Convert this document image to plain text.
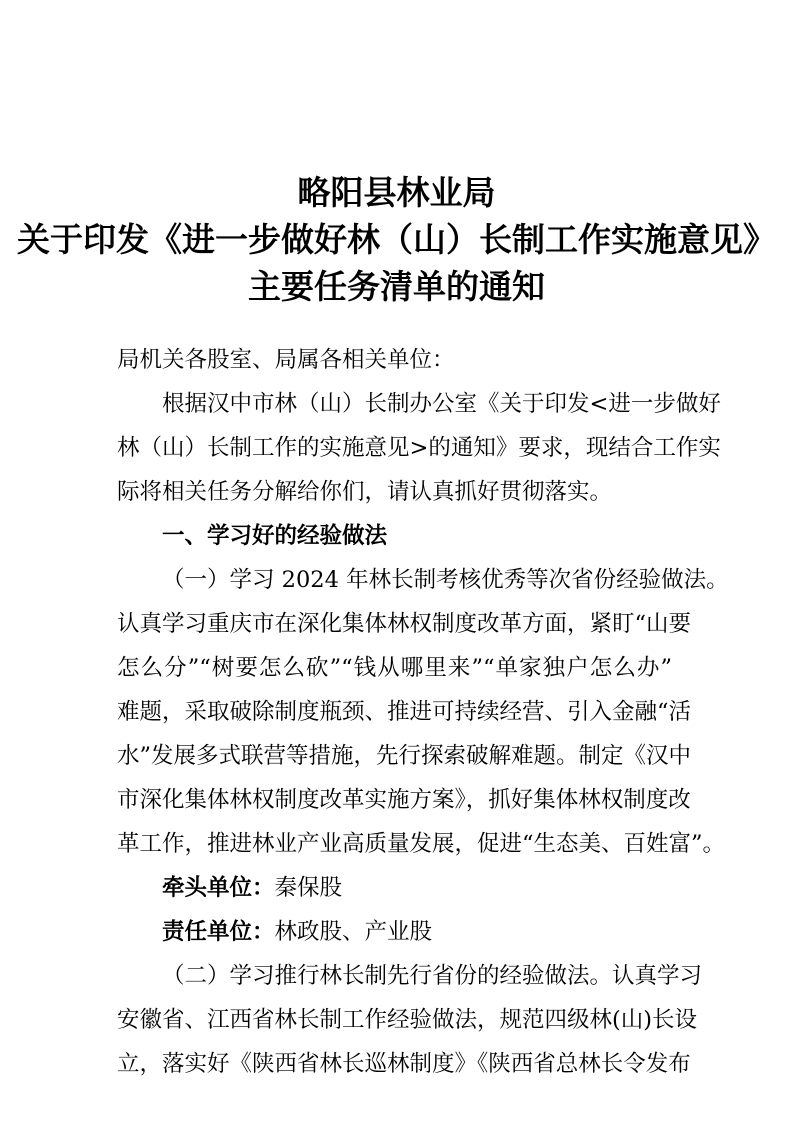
略阳县林业局
关于印发《进一步做好林（山）长制工作实施意见》
主要任务清单的通知
局机关各股室、局属各相关单位：
根据汉中市林（山）长制办公室《关于印发<进一步做好
林（山）长制工作的实施意见>的通知》要求，现结合工作实
际将相关任务分解给你们，请认真抓好贯彻落实。
一、学习好的经验做法
（一）学习 2024 年林长制考核优秀等次省份经验做法。
认真学习重庆市在深化集体林权制度改革方面，紧盯“山要
怎么分”“树要怎么砍”“钱从哪里来”“单家独户怎么办”
难题，采取破除制度瓶颈、推进可持续经营、引入金融“活
水”发展多式联营等措施，先行探索破解难题。制定《汉中
市深化集体林权制度改革实施方案》，抓好集体林权制度改
革工作，推进林业产业高质量发展，促进“生态美、百姓富”。
牵头单位：秦保股
责任单位：林政股、产业股
（二）学习推行林长制先行省份的经验做法。认真学习
安徽省、江西省林长制工作经验做法，规范四级林(山)长设
立，落实好《陕西省林长巡林制度》《陕西省总林长令发布
